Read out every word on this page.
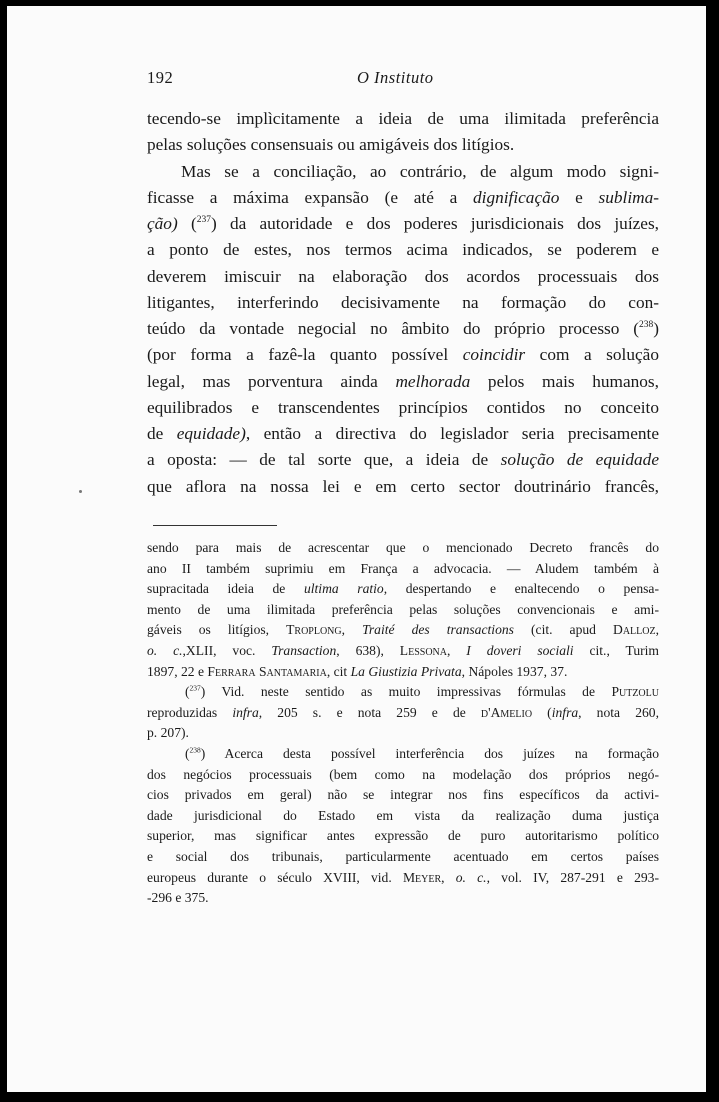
192	O Instituto
tecendo-se implìcitamente a ideia de uma ilimitada preferência
pelas soluções consensuais ou amigáveis dos litígios.
Mas se a conciliação, ao contrário, de algum modo signi-
ficasse a máxima expansão (e até a dignificação e sublima-
ção) ($^{237}$) da autoridade e dos poderes jurisdicionais dos juízes,
a ponto de estes, nos termos acima indicados, se poderem e
deverem imiscuir na elaboração dos acordos processuais dos
litigantes, interferindo decisivamente na formação do con-
teúdo da vontade negocial no âmbito do próprio processo ($^{238}$)
(por forma a fazê-la quanto possível coincidir com a solução
legal, mas porventura ainda melhorada pelos mais humanos,
equilibrados e transcendentes princípios contidos no conceito
de equidade), então a directiva do legislador seria precisamente
a oposta: — de tal sorte que, a ideia de solução de equidade
que aflora na nossa lei e em certo sector doutrinário francês,
sendo para mais de acrescentar que o mencionado Decreto francês do
ano II também suprimiu em França a advocacia. — Aludem também à
supracitada ideia de ultima ratio, despertando e enaltecendo o pensa-
mento de uma ilimitada preferência pelas soluções convencionais e ami-
gáveis os litígios, Troplong, Traité des transactions (cit. apud Dalloz,
o. c.,XLII, voc. Transaction, 638), Lessona, I doveri sociali cit., Turim
1897, 22 e Ferrara Santamaria, cit La Giustizia Privata, Nápoles 1937, 37.
($^{237}$) Vid. neste sentido as muito impressivas fórmulas de Putzolu
reproduzidas infra, 205 s. e nota 259 e de d'Amelio (infra, nota 260,
p. 207).
($^{238}$) Acerca desta possível interferência dos juízes na formação
dos negócios processuais (bem como na modelação dos próprios negó-
cios privados em geral) não se integrar nos fins específicos da activi-
dade jurisdicional do Estado em vista da realização duma justiça
superior, mas significar antes expressão de puro autoritarismo político
e social dos tribunais, particularmente acentuado em certos países
europeus durante o século XVIII, vid. Meyer, o. c., vol. IV, 287-291 e 293-
-296 e 375.
